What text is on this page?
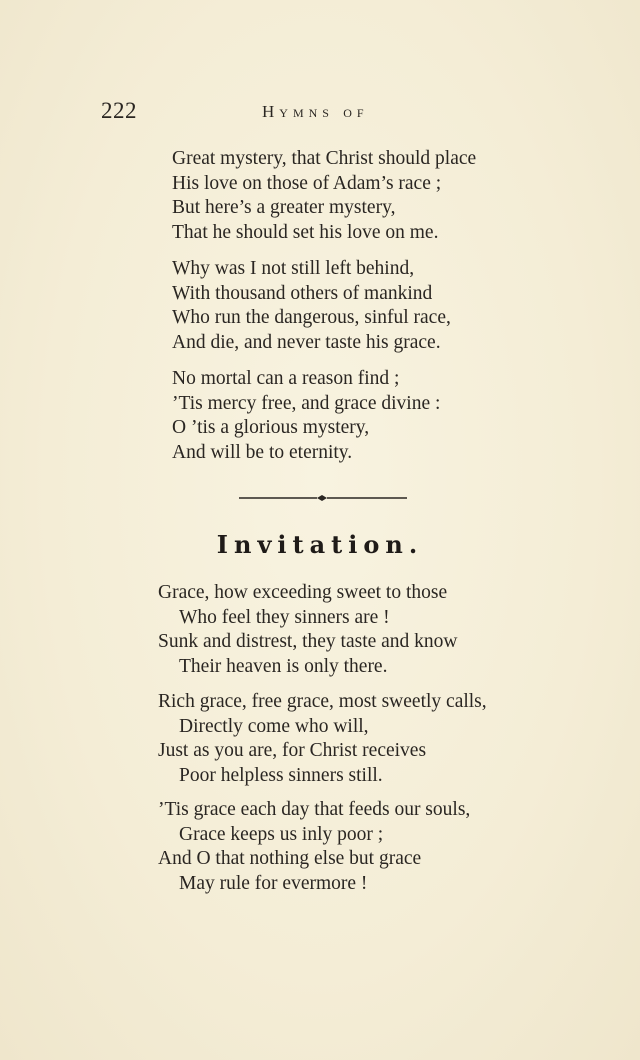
222	Hymns of
Great mystery, that Christ should place
His love on those of Adam’s race ;
But here’s a greater mystery,
That he should set his love on me.
Why was I not still left behind,
With thousand others of mankind
Who run the dangerous, sinful race,
And die, and never taste his grace.
No mortal can a reason find ;
’Tis mercy free, and grace divine :
O ’tis a glorious mystery,
And will be to eternity.
Invitation.
Grace, how exceeding sweet to those
Who feel they sinners are !
Sunk and distrest, they taste and know
Their heaven is only there.
Rich grace, free grace, most sweetly calls,
Directly come who will,
Just as you are, for Christ receives
Poor helpless sinners still.
’Tis grace each day that feeds our souls,
Grace keeps us inly poor ;
And O that nothing else but grace
May rule for evermore !
